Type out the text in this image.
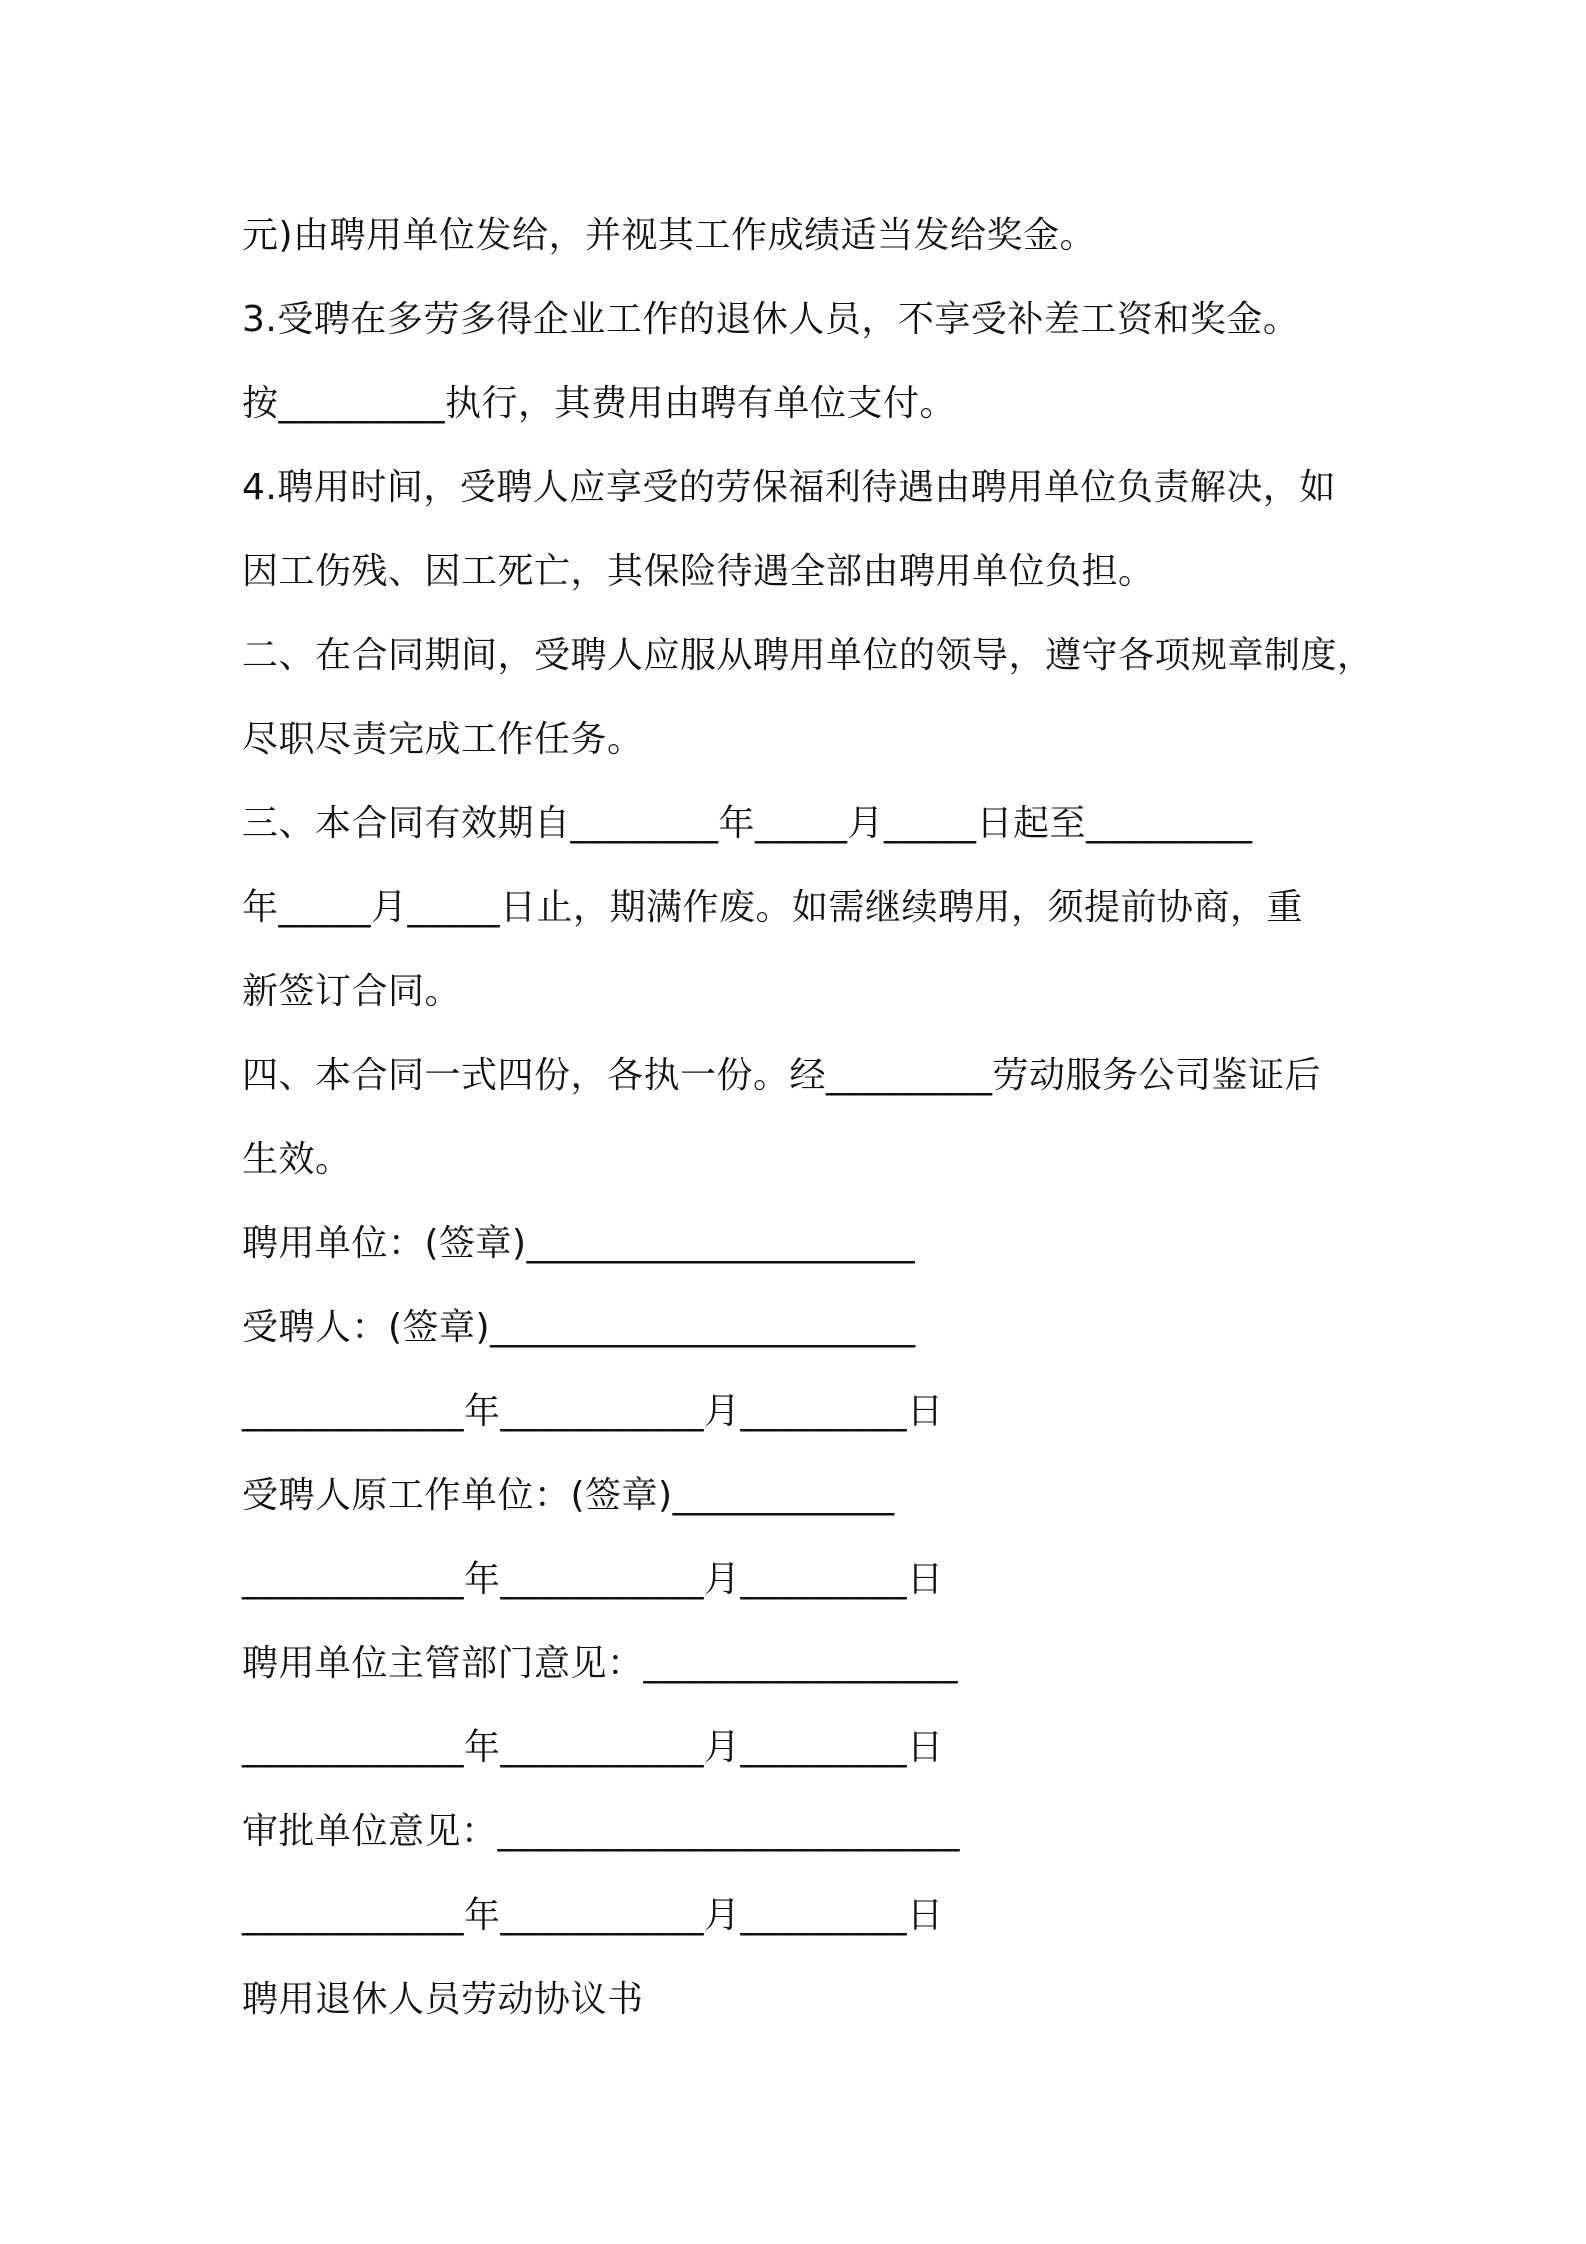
元)由聘用单位发给，并视其工作成绩适当发给奖金。
3.受聘在多劳多得企业工作的退休人员，不享受补差工资和奖金。
按_________执行，其费用由聘有单位支付。
4.聘用时间，受聘人应享受的劳保福利待遇由聘用单位负责解决，如
因工伤残、因工死亡，其保险待遇全部由聘用单位负担。
二、在合同期间，受聘人应服从聘用单位的领导，遵守各项规章制度，
尽职尽责完成工作任务。
三、本合同有效期自________年_____月_____日起至_________
年_____月_____日止，期满作废。如需继续聘用，须提前协商，重
新签订合同。
四、本合同一式四份，各执一份。经_________劳动服务公司鉴证后
生效。
聘用单位：(签章)_____________________
受聘人：(签章)_______________________
____________年___________月_________日
受聘人原工作单位：(签章)____________
____________年___________月_________日
聘用单位主管部门意见：_________________
____________年___________月_________日
审批单位意见：_________________________
____________年___________月_________日
聘用退休人员劳动协议书
